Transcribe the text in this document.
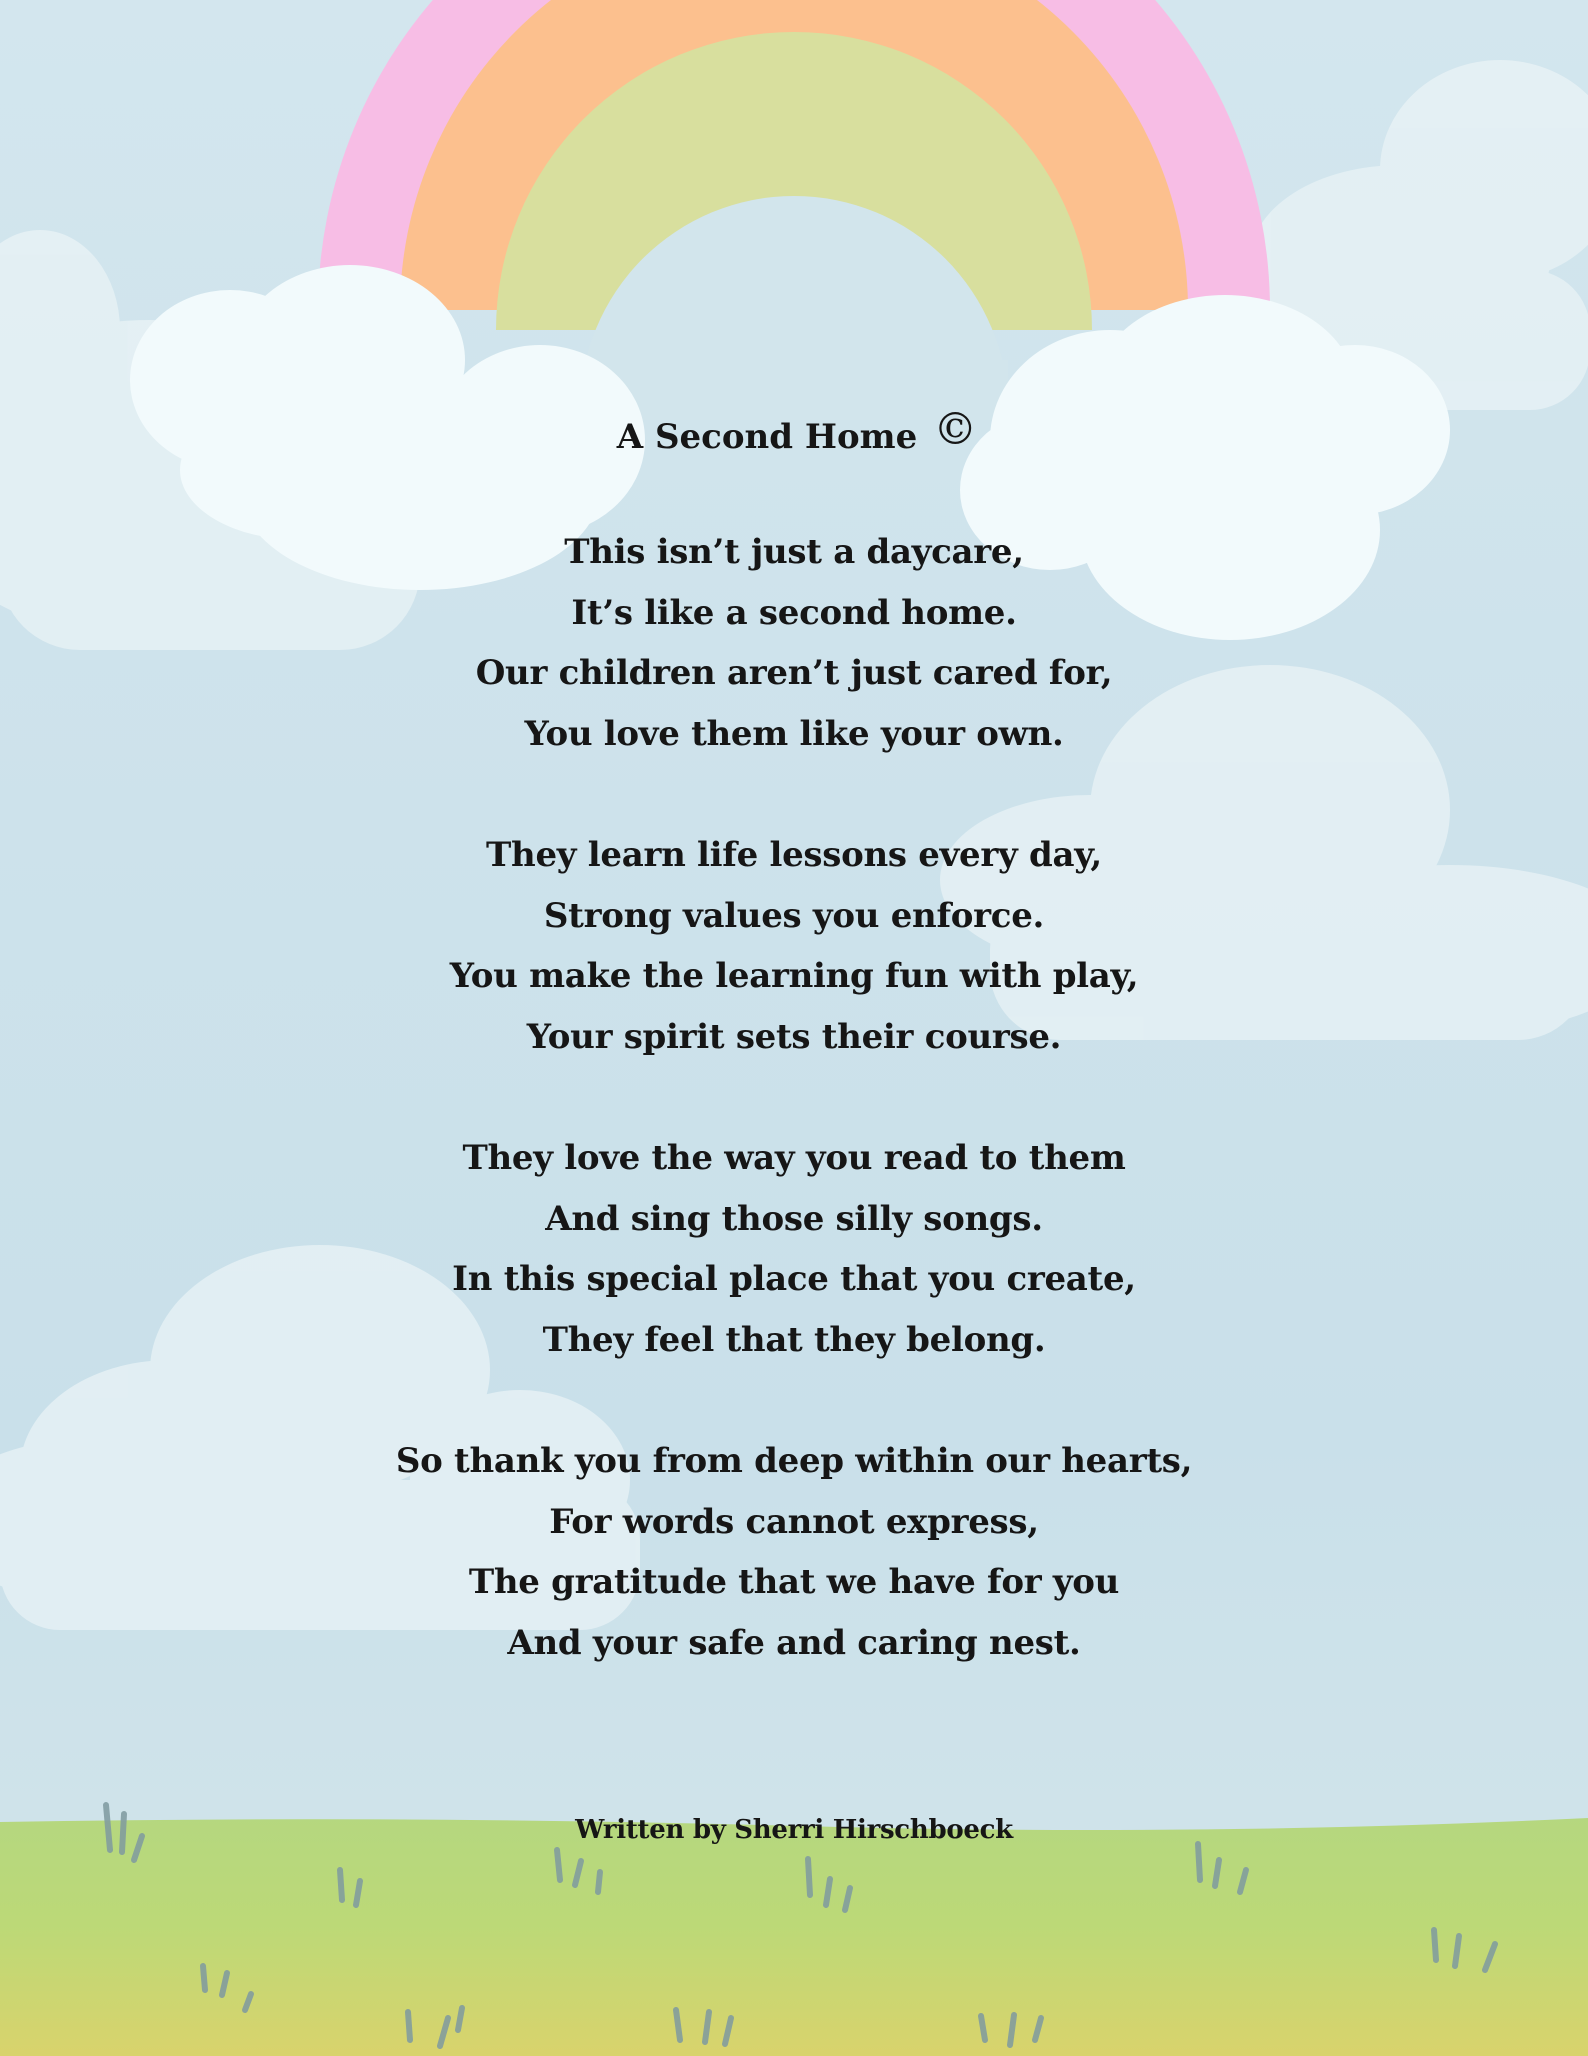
A Second Home ©
This isn’t just a daycare,
It’s like a second home.
Our children aren’t just cared for,
You love them like your own.
They learn life lessons every day,
Strong values you enforce.
You make the learning fun with play,
Your spirit sets their course.
They love the way you read to them
And sing those silly songs.
In this special place that you create,
They feel that they belong.
So thank you from deep within our hearts,
For words cannot express,
The gratitude that we have for you
And your safe and caring nest.
Written by Sherri Hirschboeck
